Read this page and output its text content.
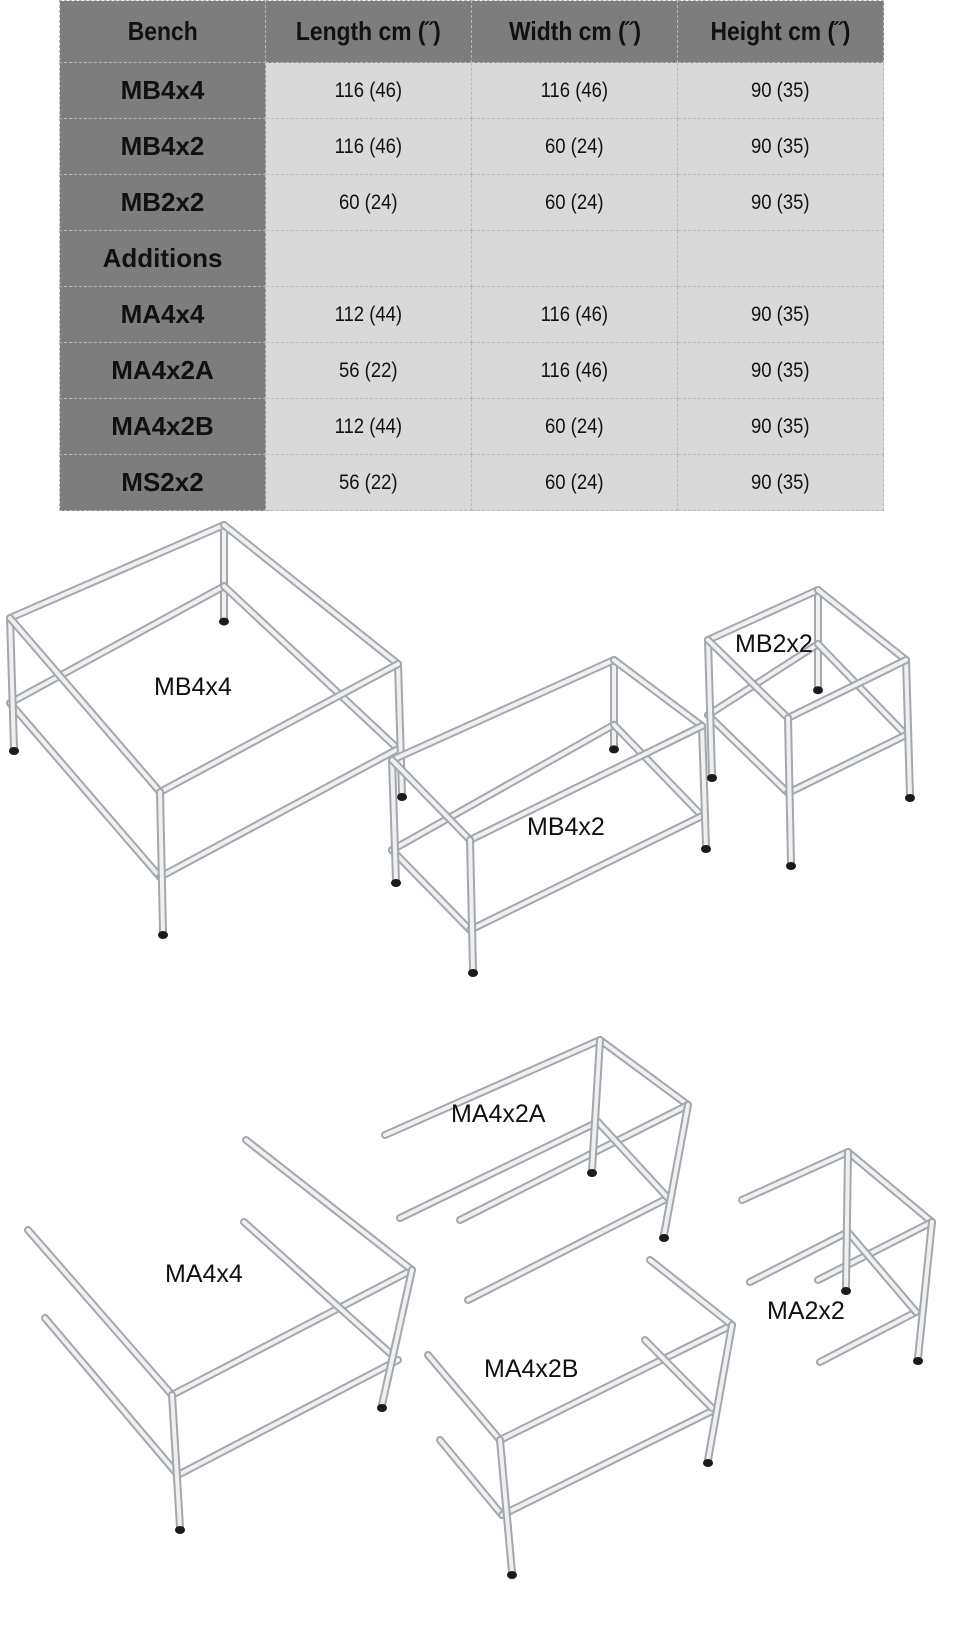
Bench	Length cm (˝)	Width cm (˝)	Height cm (˝)
MB4x4	116 (46)	116 (46)	90 (35)
MB4x2	116 (46)	60 (24)	90 (35)
MB2x2	60 (24)	60 (24)	90 (35)
Additions			
MA4x4	112 (44)	116 (46)	90 (35)
MA4x2A	56 (22)	116 (46)	90 (35)
MA4x2B	112 (44)	60 (24)	90 (35)
MS2x2	56 (22)	60 (24)	90 (35)
MB4x4
MB4x2
MB2x2
MA4x4
MA4x2A
MA4x2B
MA2x2
